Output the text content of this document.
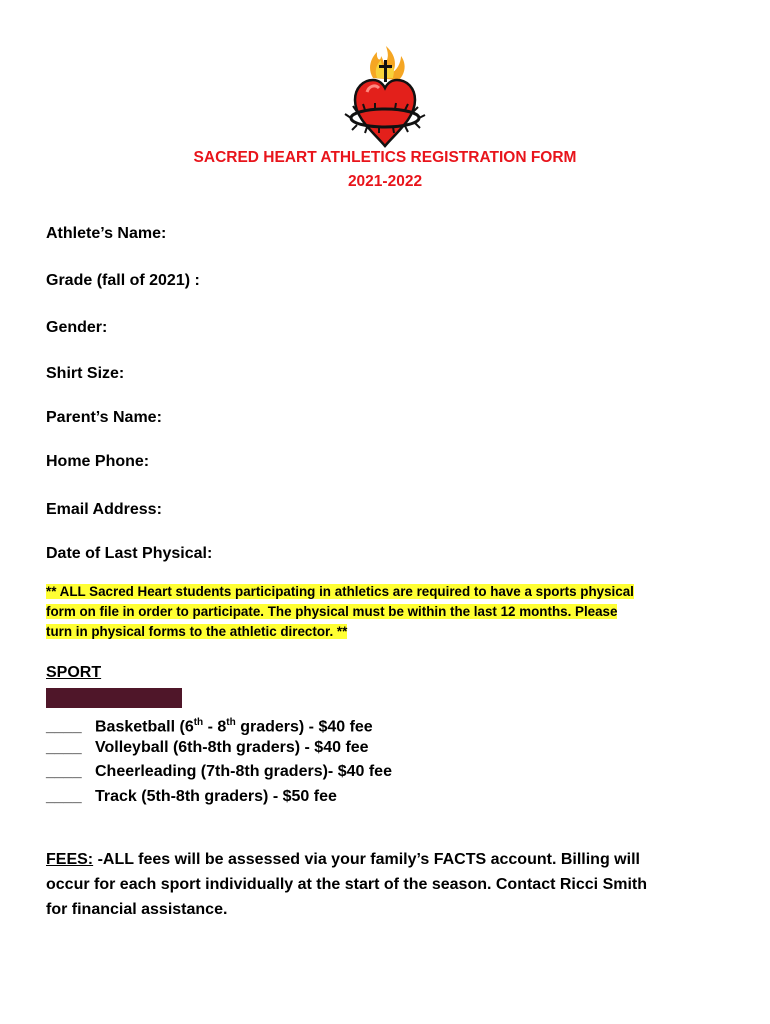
SACRED HEART ATHLETICS REGISTRATION FORM
2021-2022
Athlete’s Name:
Grade (fall of 2021) :
Gender:
Shirt Size:
Parent’s Name:
Home Phone:
Email Address:
Date of Last Physical:
** ALL Sacred Heart students participating in athletics are required to have a sports physical
form on file in order to participate. The physical must be within the last 12 months. Please
turn in physical forms to the athletic director. **
SPORT
____ Basketball (6th - 8th graders) - $40 fee
____ Volleyball (6th-8th graders) - $40 fee
____ Cheerleading (7th-8th graders)- $40 fee
____ Track (5th-8th graders) - $50 fee
FEES: -ALL fees will be assessed via your family’s FACTS account. Billing will
occur for each sport individually at the start of the season. Contact Ricci Smith
for financial assistance.
